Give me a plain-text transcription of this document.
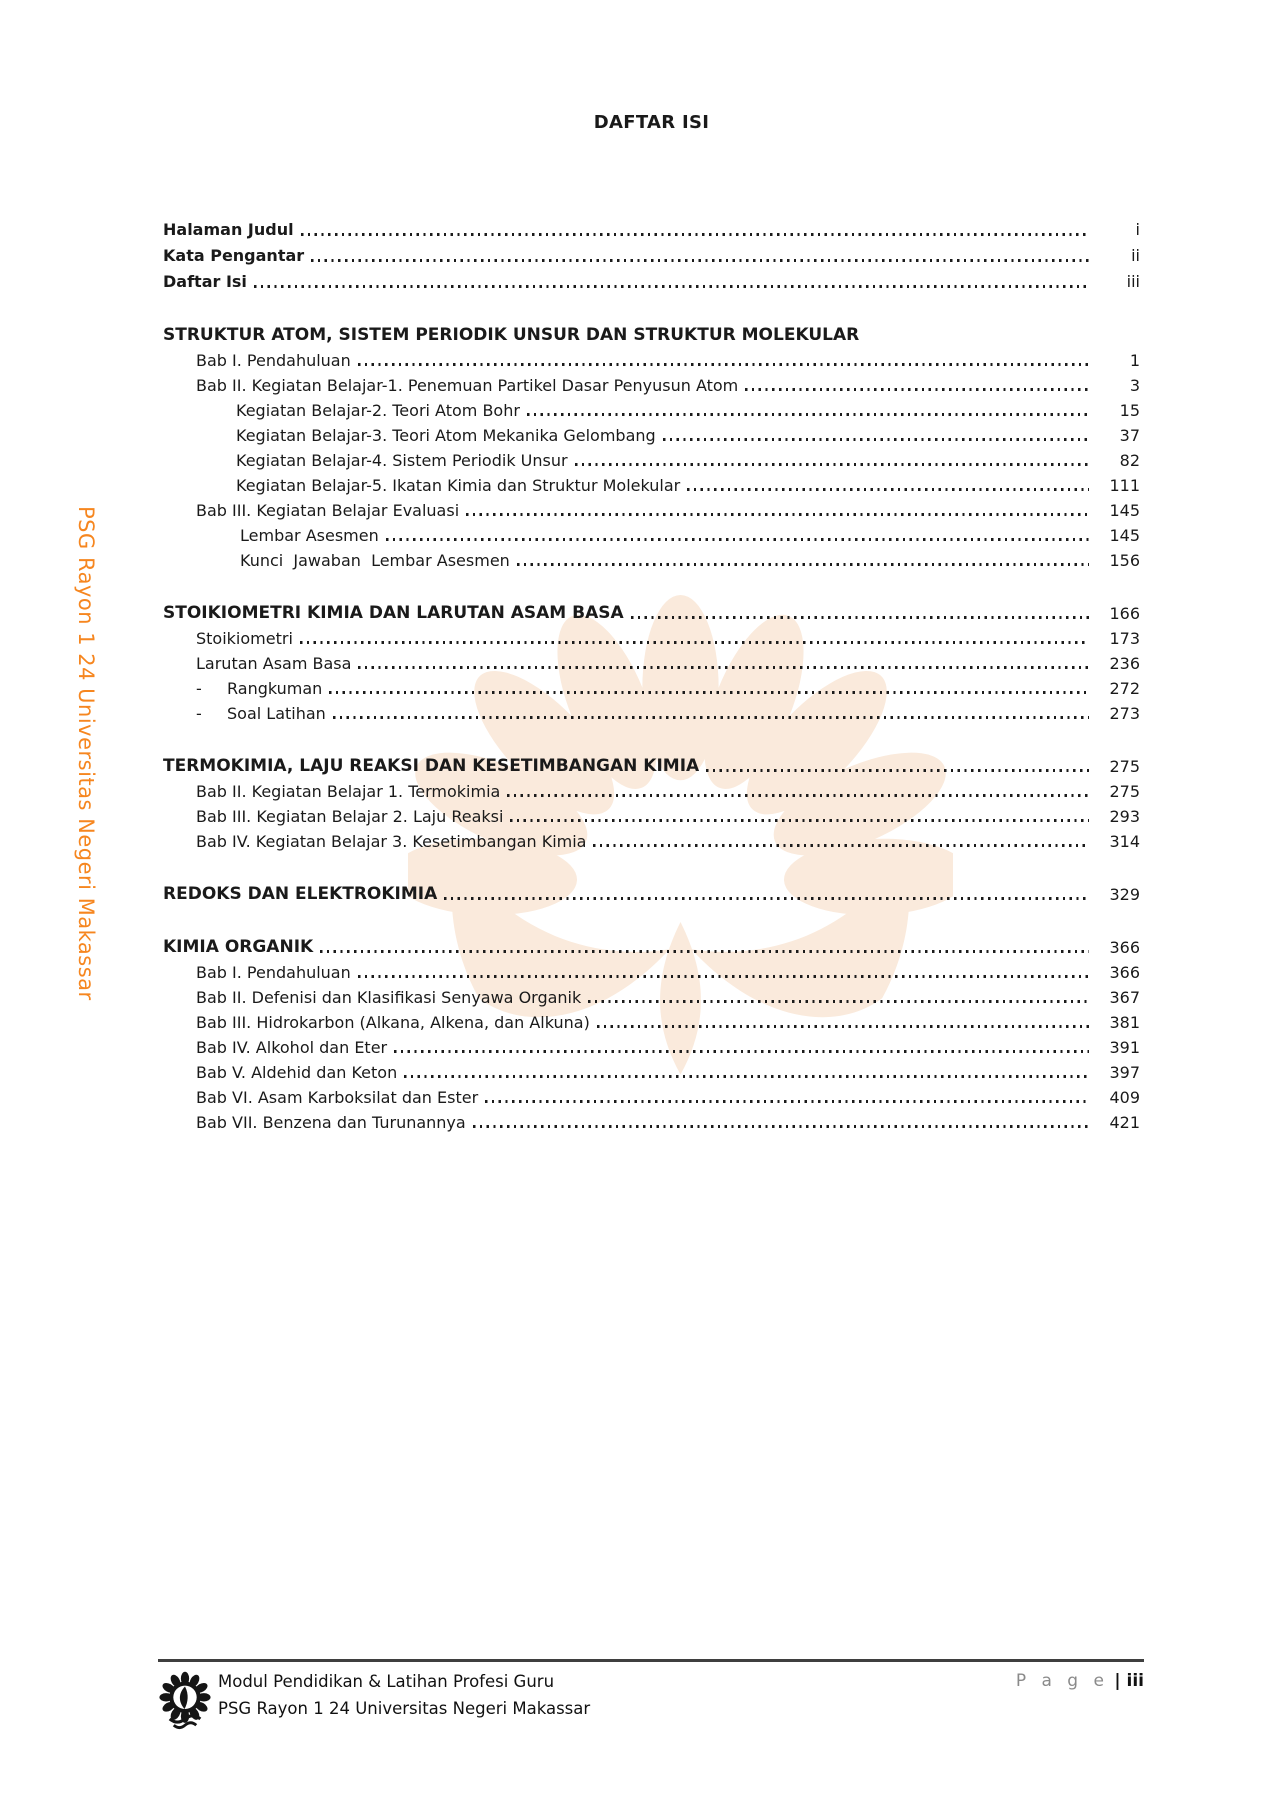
PSG Rayon 1 24 Universitas Negeri Makassar
DAFTAR ISI
Halaman Judul	i
Kata Pengantar	ii
Daftar Isi	iii
STRUKTUR ATOM, SISTEM PERIODIK UNSUR DAN STRUKTUR MOLEKULAR
Bab I. Pendahuluan	1
Bab II. Kegiatan Belajar-1. Penemuan Partikel Dasar Penyusun Atom	3
Kegiatan Belajar-2. Teori Atom Bohr	15
Kegiatan Belajar-3. Teori Atom Mekanika Gelombang	37
Kegiatan Belajar-4. Sistem Periodik Unsur	82
Kegiatan Belajar-5. Ikatan Kimia dan Struktur Molekular	111
Bab III. Kegiatan Belajar Evaluasi	145
Lembar Asesmen	145
Kunci  Jawaban  Lembar Asesmen	156
STOIKIOMETRI KIMIA DAN LARUTAN ASAM BASA	166
Stoikiometri	173
Larutan Asam Basa	236
-	Rangkuman	272
-	Soal Latihan	273
TERMOKIMIA, LAJU REAKSI DAN KESETIMBANGAN KIMIA	275
Bab II. Kegiatan Belajar 1. Termokimia	275
Bab III. Kegiatan Belajar 2. Laju Reaksi	293
Bab IV. Kegiatan Belajar 3. Kesetimbangan Kimia	314
REDOKS DAN ELEKTROKIMIA	329
KIMIA ORGANIK	366
Bab I. Pendahuluan	366
Bab II. Defenisi dan Klasifikasi Senyawa Organik	367
Bab III. Hidrokarbon (Alkana, Alkena, dan Alkuna)	381
Bab IV. Alkohol dan Eter	391
Bab V. Aldehid dan Keton	397
Bab VI. Asam Karboksilat dan Ester	409
Bab VII. Benzena dan Turunannya	421
Modul Pendidikan & Latihan Profesi Guru
PSG Rayon 1 24 Universitas Negeri Makassar
P a g e | iii
